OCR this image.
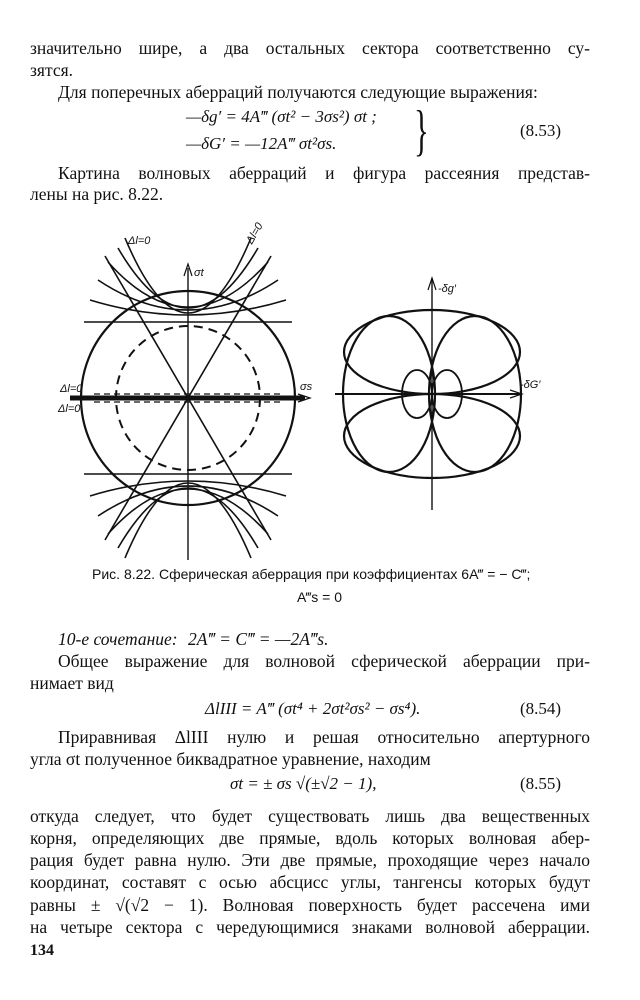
значительно шире, а два остальных сектора соответственно су-
зятся.
Для поперечных аберраций получаются следующие выражения:
—δg′ = 4A‴ (σt² − 3σs²) σt ;
—δG′ = —12A‴ σt²σs. }	(8.53)
Картина волновых аберраций и фигура рассеяния представ-
лены на рис. 8.22.
Δl=0	Δl=0
Δl=0
Δl=0
σt
σs
-δg′
-δG′
Рис. 8.22. Сферическая аберрация при коэффициентах 6A‴ = − C‴;
A‴s = 0
10-е сочетание: 2A‴ = C‴ = —2A‴s.
Общее выражение для волновой сферической аберрации при-
нимает вид
ΔlIII = A‴ (σt⁴ + 2σt²σs² − σs⁴).	(8.54)
Приравнивая ΔlIII нулю и решая относительно апертурного
угла σt полученное биквадратное уравнение, находим
σt = ± σs √(±√2 − 1),	(8.55)
откуда следует, что будет существовать лишь два вещественных
корня, определяющих две прямые, вдоль которых волновая абер-
рация будет равна нулю. Эти две прямые, проходящие через начало
координат, составят с осью абсцисс углы, тангенсы которых будут
равны ± √(√2 − 1). Волновая поверхность будет рассечена ими
на четыре сектора с чередующимися знаками волновой аберрации.
134
